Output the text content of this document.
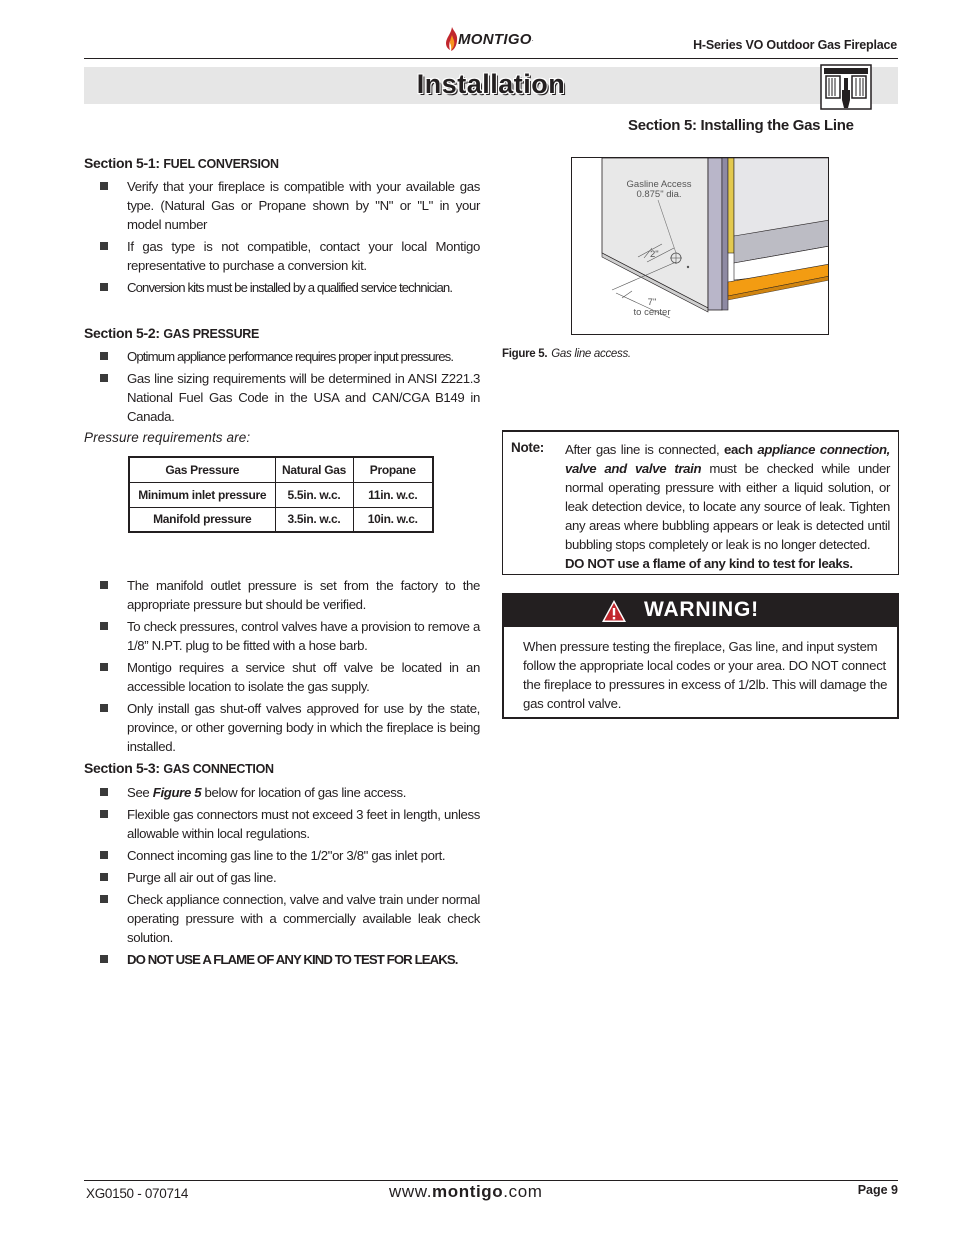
MONTIGO .	H-Series VO Outdoor Gas Fireplace
Installation
Section 5: Installing the Gas Line
Section 5-1: FUEL CONVERSION
Verify that your fireplace is compatible with your available gas type. (Natural Gas or Propane shown by "N" or "L" in your model number
If gas type is not compatible, contact your local Montigo representative to purchase a conversion kit.
Conversion kits must be installed by a qualified service technician.
Section 5-2: GAS PRESSURE
Optimum appliance performance requires proper input pressures.
Gas line sizing requirements will be determined in ANSI Z221.3 National Fuel Gas Code in the USA and CAN/CGA B149 in Canada.
Pressure requirements are:
Gas Pressure	Natural Gas	Propane
Minimum inlet pressure	5.5in. w.c.	11in. w.c.
Manifold pressure	3.5in. w.c.	10in. w.c.
The manifold outlet pressure is set from the factory to the appropriate pressure but should be verified.
To check pressures, control valves have a provision to remove a 1/8” N.PT. plug to be fitted with a hose barb.
Montigo requires a service shut off valve be located in an accessible location to isolate the gas supply.
Only install gas shut-off valves approved for use by the state, province, or other governing body in which the fireplace is being installed.
Section 5-3: GAS CONNECTION
See Figure 5 below for location of gas line access.
Flexible gas connectors must not exceed 3 feet in length, unless allowable within local regulations.
Connect incoming gas line to the 1/2"or 3/8" gas inlet port.
Purge all air out of gas line.
Check appliance connection, valve and valve train under normal operating pressure with a commercially available leak check solution.
DO NOT USE A FLAME OF ANY KIND TO TEST FOR LEAKS.
Gasline Access
0.875" dia.
2"
7"
to center
Figure 5. Gas line access.
Note: After gas line is connected, each appliance connection, valve and valve train must be checked while under normal operating pressure with either a liquid solution, or leak detection device, to locate any source of leak. Tighten any areas where bubbling appears or leak is detected until bubbling stops completely or leak is no longer detected.
DO NOT use a flame of any kind to test for leaks.
WARNING!
When pressure testing the fireplace, Gas line, and input system follow the appropriate local codes or your area. DO NOT connect the fireplace to pressures in excess of 1/2lb. This will damage the gas control valve.
XG0150 - 070714	www.montigo.com	Page 9
